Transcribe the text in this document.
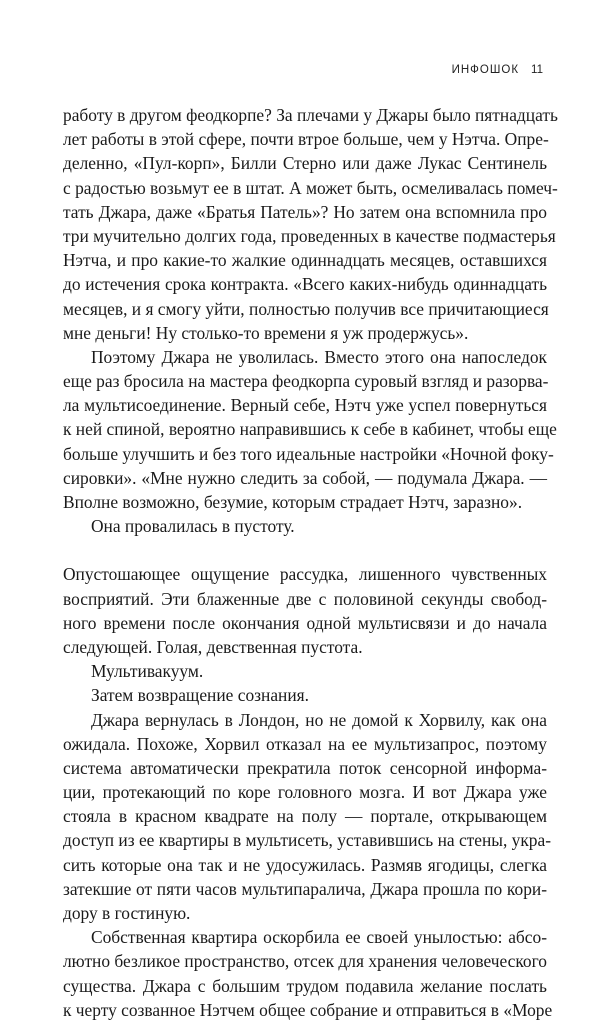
ИНФОШОК 11
работу в другом феодкорпе? За плечами у Джары было пятнадцать
лет работы в этой сфере, почти втрое больше, чем у Нэтча. Опре-
деленно, «Пул-корп», Билли Стерно или даже Лукас Сентинель
с радостью возьмут ее в штат. А может быть, осмеливалась помеч-
тать Джара, даже «Братья Патель»? Но затем она вспомнила про
три мучительно долгих года, проведенных в качестве подмастерья
Нэтча, и про какие-то жалкие одиннадцать месяцев, оставшихся
до истечения срока контракта. «Всего каких-нибудь одиннадцать
месяцев, и я смогу уйти, полностью получив все причитающиеся
мне деньги! Ну столько-то времени я уж продержусь».
Поэтому Джара не уволилась. Вместо этого она напоследок
еще раз бросила на мастера феодкорпа суровый взгляд и разорва-
ла мультисоединение. Верный себе, Нэтч уже успел повернуться
к ней спиной, вероятно направившись к себе в кабинет, чтобы еще
больше улучшить и без того идеальные настройки «Ночной фоку-
сировки». «Мне нужно следить за собой, — подумала Джара. —
Вполне возможно, безумие, которым страдает Нэтч, заразно».
Она провалилась в пустоту.
Опустошающее ощущение рассудка, лишенного чувственных
восприятий. Эти блаженные две с половиной секунды свобод-
ного времени после окончания одной мультисвязи и до начала
следующей. Голая, девственная пустота.
Мультивакуум.
Затем возвращение сознания.
Джара вернулась в Лондон, но не домой к Хорвилу, как она
ожидала. Похоже, Хорвил отказал на ее мультизапрос, поэтому
система автоматически прекратила поток сенсорной информа-
ции, протекающий по коре головного мозга. И вот Джара уже
стояла в красном квадрате на полу — портале, открывающем
доступ из ее квартиры в мультисеть, уставившись на стены, укра-
сить которые она так и не удосужилась. Размяв ягодицы, слегка
затекшие от пяти часов мультипаралича, Джара прошла по кори-
дору в гостиную.
Собственная квартира оскорбила ее своей унылостью: абсо-
лютно безликое пространство, отсек для хранения человеческого
существа. Джара с большим трудом подавила желание послать
к черту созванное Нэтчем общее собрание и отправиться в «Море
